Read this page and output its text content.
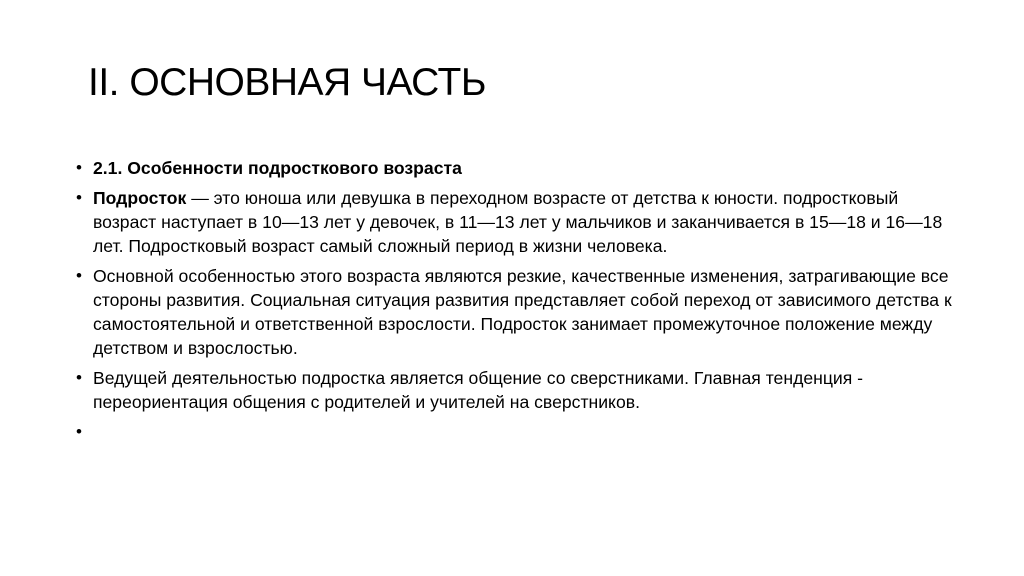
II. ОСНОВНАЯ ЧАСТЬ
• 2.1. Особенности подросткового возраста
• Подросток — это юноша или девушка в переходном возрасте от детства к юности. подростковый возраст наступает в 10—13 лет у девочек, в 11—13 лет у мальчиков и заканчивается в 15—18 и 16—18 лет. Подростковый возраст самый сложный период в жизни человека.
• Основной особенностью этого возраста являются резкие, качественные изменения, затрагивающие все стороны развития. Социальная ситуация развития представляет собой переход от зависимого детства к самостоятельной и ответственной взрослости. Подросток занимает промежуточное положение между детством и взрослостью.
• Ведущей деятельностью подростка является общение со сверстниками. Главная тенденция - переориентация общения с родителей и учителей на сверстников.
•
